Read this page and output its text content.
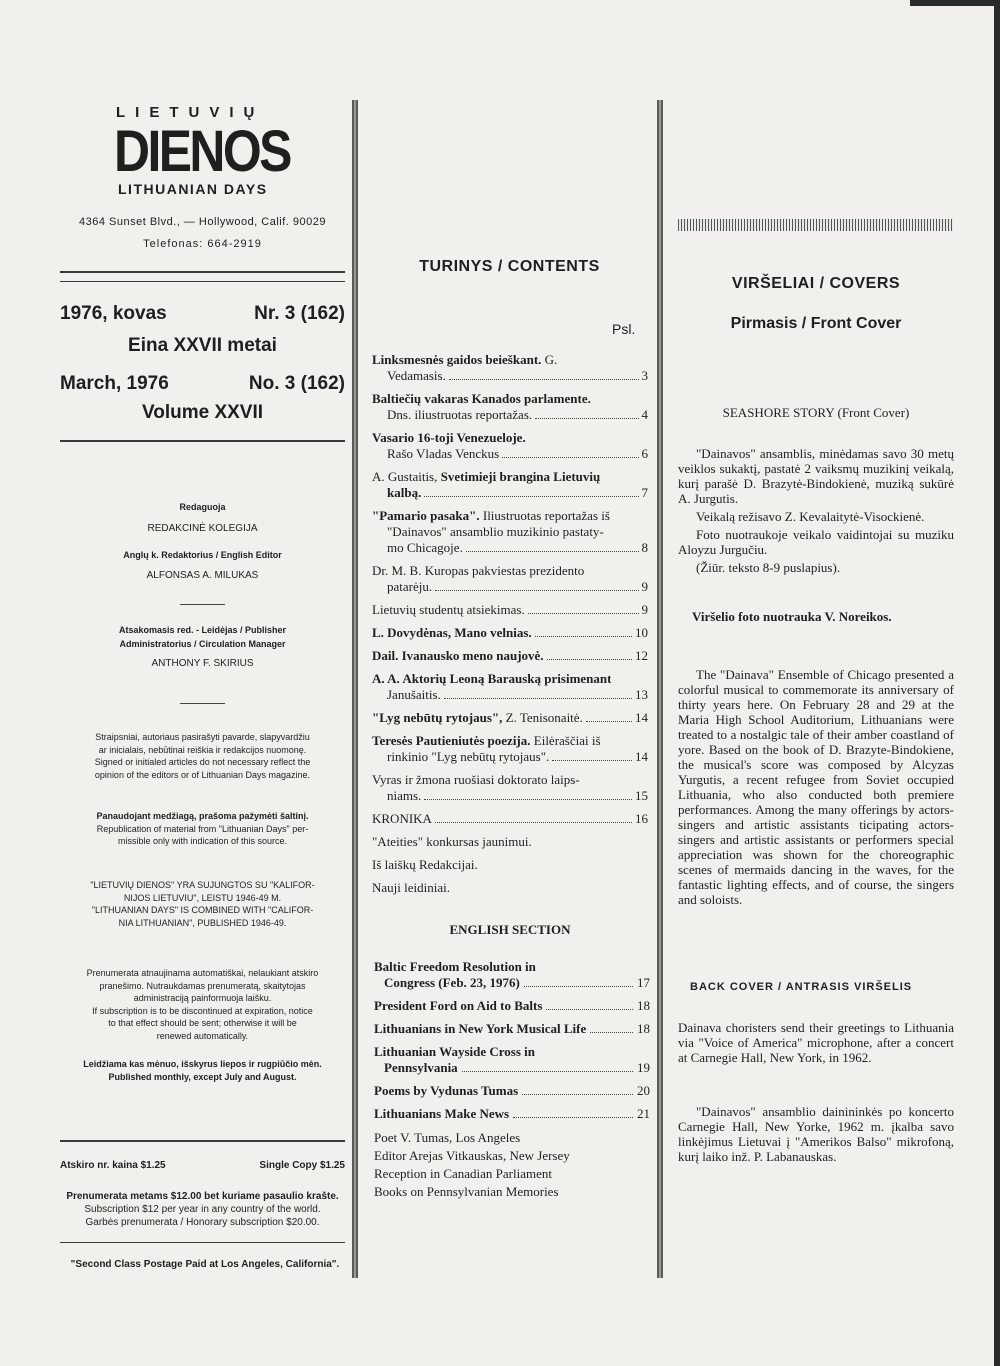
LIETUVIŲ
DIENOS
LITHUANIAN DAYS
4364 Sunset Blvd., — Hollywood, Calif. 90029
Telefonas: 664-2919
1976, kovas	Nr. 3 (162)
Eina XXVII metai
March, 1976	No. 3 (162)
Volume XXVII
Redaguoja
REDAKCINĖ KOLEGIJA
Anglų k. Redaktorius / English Editor
ALFONSAS A. MILUKAS
Atsakomasis red. - Leidėjas / Publisher
Administratorius / Circulation Manager
ANTHONY F. SKIRIUS
Straipsniai, autoriaus pasirašyti pavarde, slapyvardžiu
ar inicialais, nebūtinai reiškia ir redakcijos nuomonę.
Signed or initialed articles do not necessary reflect the
opinion of the editors or of Lithuanian Days magazine.
Panaudojant medžiagą, prašoma pažymėti šaltinį.
Republication of material from "Lithuanian Days" per-
missible only with indication of this source.
"LIETUVIŲ DIENOS" YRA SUJUNGTOS SU "KALIFOR-
NIJOS LIETUVIU", LEISTU 1946-49 M.
"LITHUANIAN DAYS" IS COMBINED WITH "CALIFOR-
NIA LITHUANIAN", PUBLISHED 1946-49.
Prenumerata atnaujinama automatiškai, nelaukiant atskiro
pranešimo. Nutraukdamas prenumeratą, skaitytojas
administraciją painformuoja laišku.
If subscription is to be discontinued at expiration, notice
to that effect should be sent; otherwise it will be
renewed automatically.
Leidžiama kas mėnuo, išskyrus liepos ir rugpiūčio mėn.
Published monthly, except July and August.
Atskiro nr. kaina $1.25	Single Copy $1.25
Prenumerata metams $12.00 bet kuriame pasaulio krašte.
Subscription $12 per year in any country of the world.
Garbės prenumerata / Honorary subscription $20.00.
"Second Class Postage Paid at Los Angeles, California".
TURINYS / CONTENTS
Psl.
Linksmesnės gaidos beieškant. G.
Vedamasis.	3
Baltiečių vakaras Kanados parlamente.
Dns. iliustruotas reportažas.	4
Vasario 16-toji Venezueloje.
Rašo Vladas Venckus	6
A. Gustaitis, Svetimieji brangina Lietuvių
kalbą.	7
"Pamario pasaka". Iliustruotas reportažas iš
"Dainavos" ansamblio muzikinio pastaty-
mo Chicagoje.	8
Dr. M. B. Kuropas pakviestas prezidento
patarėju.	9
Lietuvių studentų atsiekimas.	9
L. Dovydėnas, Mano velnias.	10
Dail. Ivanausko meno naujovė.	12
A. A. Aktorių Leoną Barauską prisimenant
Janušaitis.	13
"Lyg nebūtų rytojaus", Z. Tenisonaitė.	14
Teresės Pautieniutės poezija. Eilėraščiai iš
rinkinio "Lyg nebūtų rytojaus".	14
Vyras ir žmona ruošiasi doktorato laips-
niams.	15
KRONIKA	16
"Ateities" konkursas jaunimui.
Iš laiškų Redakcijai.
Nauji leidiniai.
ENGLISH SECTION
Baltic Freedom Resolution in
Congress (Feb. 23, 1976)	17
President Ford on Aid to Balts	18
Lithuanians in New York Musical Life	18
Lithuanian Wayside Cross in
Pennsylvania	19
Poems by Vydunas Tumas	20
Lithuanians Make News	21
Poet V. Tumas, Los Angeles
Editor Arejas Vitkauskas, New Jersey
Reception in Canadian Parliament
Books on Pennsylvanian Memories
VIRŠELIAI / COVERS
Pirmasis / Front Cover
SEASHORE STORY (Front Cover)

"Dainavos" ansamblis, minėdamas savo 30 metų veiklos sukaktį, pastatė 2 vaiksmų muzikinį veikalą, kurį parašė D. Brazytė-Bindokienė, muziką sukūrė A. Jurgutis.

Veikalą režisavo Z. Kevalaitytė-Visockienė.

Foto nuotraukoje veikalo vaidintojai su muziku Aloyzu Jurgučiu.

(Žiūr. teksto 8-9 puslapius).

Viršelio foto nuotrauka V. Noreikos.

The "Dainava" Ensemble of Chicago presented a colorful musical to commemorate its anniversary of thirty years here. On February 28 and 29 at the Maria High School Auditorium, Lithuanians were treated to a nostalgic tale of their amber coastland of yore. Based on the book of D. Brazyte-Bindokiene, the musical's score was composed by Alcyzas Yurgutis, a recent refugee from Soviet occupied Lithuania, who also conducted both premiere performances. Among the many offerings by actors-singers and artistic assistants ticipating actors-singers and artistic assistants or performers special appreciation was shown for the choreographic scenes of mermaids dancing in the waves, for the fantastic lighting effects, and of course, the singers and soloists.

BACK COVER / ANTRASIS VIRŠELIS

Dainava choristers send their greetings to Lithuania via "Voice of America" microphone, after a concert at Carnegie Hall, New York, in 1962.

"Dainavos" ansamblio dainininkės po koncerto Carnegie Hall, New Yorke, 1962 m. įkalba savo linkėjimus Lietuvai į "Amerikos Balso" mikrofoną, kurį laiko inž. P. Labanauskas.
